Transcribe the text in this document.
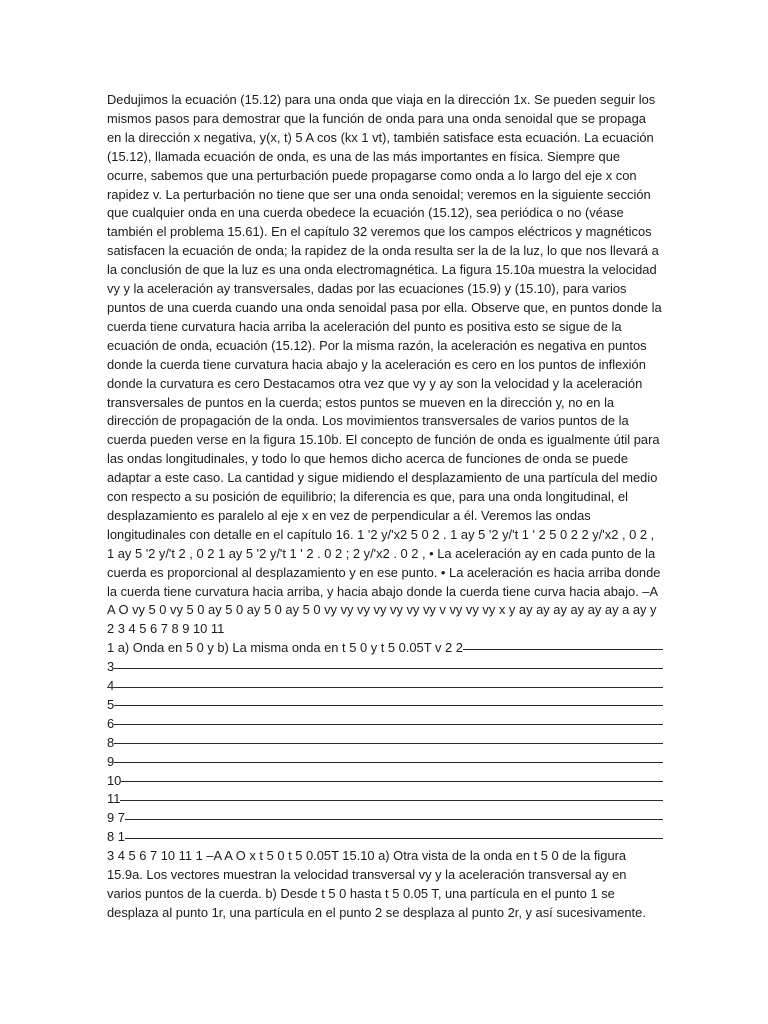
Dedujimos la ecuación (15.12) para una onda que viaja en la dirección 1x. Se pueden seguir los mismos pasos para demostrar que la función de onda para una onda senoidal que se propaga en la dirección x negativa, y(x, t) 5 A cos (kx 1 vt), también satisface esta ecuación. La ecuación (15.12), llamada ecuación de onda, es una de las más importantes en física. Siempre que ocurre, sabemos que una perturbación puede propagarse como onda a lo largo del eje x con rapidez v. La perturbación no tiene que ser una onda senoidal; veremos en la siguiente sección que cualquier onda en una cuerda obedece la ecuación (15.12), sea periódica o no (véase también el problema 15.61). En el capítulo 32 veremos que los campos eléctricos y magnéticos satisfacen la ecuación de onda; la rapidez de la onda resulta ser la de la luz, lo que nos llevará a la conclusión de que la luz es una onda electromagnética. La figura 15.10a muestra la velocidad vy y la aceleración ay transversales, dadas por las ecuaciones (15.9) y (15.10), para varios puntos de una cuerda cuando una onda senoidal pasa por ella. Observe que, en puntos donde la cuerda tiene curvatura hacia arriba la aceleración del punto es positiva esto se sigue de la ecuación de onda, ecuación (15.12). Por la misma razón, la aceleración es negativa en puntos donde la cuerda tiene curvatura hacia abajo y la aceleración es cero en los puntos de inflexión donde la curvatura es cero Destacamos otra vez que vy y ay son la velocidad y la aceleración transversales de puntos en la cuerda; estos puntos se mueven en la dirección y, no en la dirección de propagación de la onda. Los movimientos transversales de varios puntos de la cuerda pueden verse en la figura 15.10b. El concepto de función de onda es igualmente útil para las ondas longitudinales, y todo lo que hemos dicho acerca de funciones de onda se puede adaptar a este caso. La cantidad y sigue midiendo el desplazamiento de una partícula del medio con respecto a su posición de equilibrio; la diferencia es que, para una onda longitudinal, el desplazamiento es paralelo al eje x en vez de perpendicular a él. Veremos las ondas longitudinales con detalle en el capítulo 16. 1 '2 y/'x2 5 0 2 . 1 ay 5 '2 y/'t 1 ' 2 5 0 2 2 y/'x2 , 0 2 , 1 ay 5 '2 y/'t 2 , 0 2 1 ay 5 '2 y/'t 1 ' 2 . 0 2 ; 2 y/'x2 . 0 2 , • La aceleración ay en cada punto de la cuerda es proporcional al desplazamiento y en ese punto. • La aceleración es hacia arriba donde la cuerda tiene curvatura hacia arriba, y hacia abajo donde la cuerda tiene curva hacia abajo. –A A O vy 5 0 vy 5 0 ay 5 0 ay 5 0 ay 5 0 vy vy vy vy vy vy vy v vy vy vy x y ay ay ay ay ay ay a ay y 2 3 4 5 6 7 8 9 10 11

1 a) Onda en 5 0 y b) La misma onda en t 5 0 y t 5 0.05T v 2 2
3
4
5
6
8
9
10
11
9 7
8 1

3 4 5 6 7 10 11 1 –A A O x t 5 0 t 5 0.05T 15.10 a) Otra vista de la onda en t 5 0 de la figura 15.9a. Los vectores muestran la velocidad transversal vy y la aceleración transversal ay en varios puntos de la cuerda. b) Desde t 5 0 hasta t 5 0.05 T, una partícula en el punto 1 se desplaza al punto 1r, una partícula en el punto 2 se desplaza al punto 2r, y así sucesivamente.
